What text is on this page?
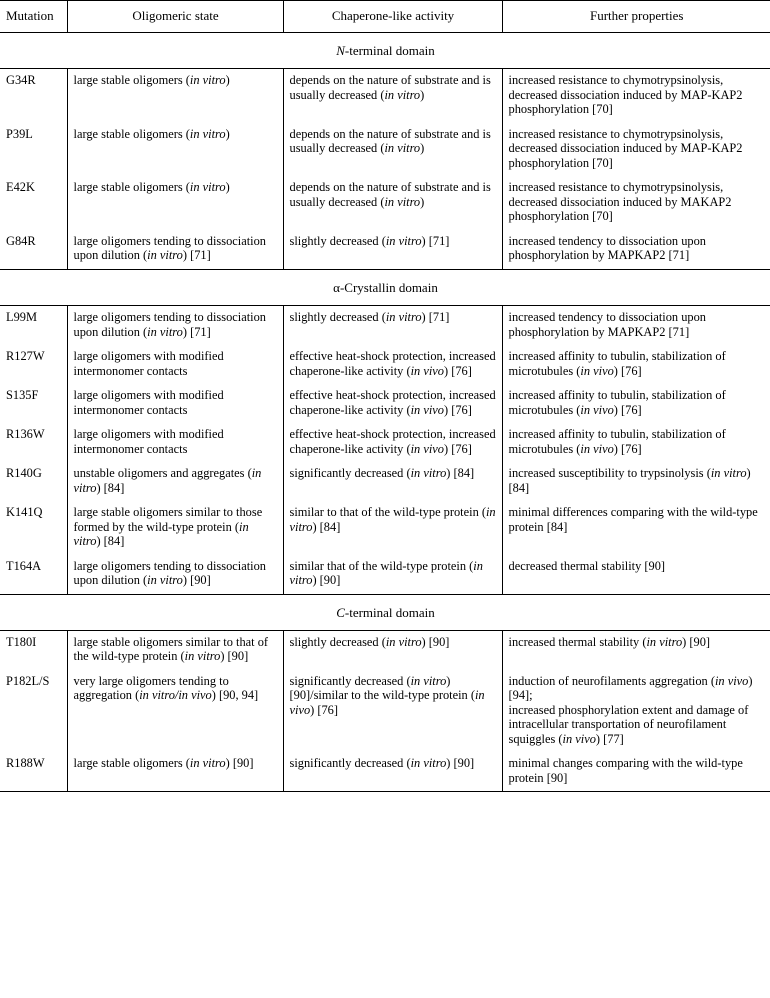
Mutation	Oligomeric state	Chaperone-like activity	Further properties
N-terminal domain			
G34R	large stable oligomers (in vitro)	depends on the nature of substrate and is usually decreased (in vitro)	increased resistance to chymotrypsinolysis, decreased dissociation induced by MAP-KAP2 phosphorylation [70]
P39L	large stable oligomers (in vitro)	depends on the nature of substrate and is usually decreased (in vitro)	increased resistance to chymotrypsinolysis, decreased dissociation induced by MAP-KAP2 phosphorylation [70]
E42K	large stable oligomers (in vitro)	depends on the nature of substrate and is usually decreased (in vitro)	increased resistance to chymotrypsinolysis, decreased dissociation induced by MAKAP2 phosphorylation [70]
G84R	large oligomers tending to dissociation upon dilution (in vitro) [71]	slightly decreased (in vitro) [71]	increased tendency to dissociation upon phosphorylation by MAPKAP2 [71]
α-Crystallin domain			
L99M	large oligomers tending to dissociation upon dilution (in vitro) [71]	slightly decreased (in vitro) [71]	increased tendency to dissociation upon phosphorylation by MAPKAP2 [71]
R127W	large oligomers with modified intermonomer contacts	effective heat-shock protection, increased chaperone-like activity (in vivo) [76]	increased affinity to tubulin, stabilization of microtubules (in vivo) [76]
S135F	large oligomers with modified intermonomer contacts	effective heat-shock protection, increased chaperone-like activity (in vivo) [76]	increased affinity to tubulin, stabilization of microtubules (in vivo) [76]
R136W	large oligomers with modified intermonomer contacts	effective heat-shock protection, increased chaperone-like activity (in vivo) [76]	increased affinity to tubulin, stabilization of microtubules (in vivo) [76]
R140G	unstable oligomers and aggregates (in vitro) [84]	significantly decreased (in vitro) [84]	increased susceptibility to trypsinolysis (in vitro) [84]
K141Q	large stable oligomers similar to those formed by the wild-type protein (in vitro) [84]	similar to that of the wild-type protein (in vitro) [84]	minimal differences comparing with the wild-type protein [84]
T164A	large oligomers tending to dissociation upon dilution (in vitro) [90]	similar that of the wild-type protein (in vitro) [90]	decreased thermal stability [90]
C-terminal domain			
T180I	large stable oligomers similar to that of the wild-type protein (in vitro) [90]	slightly decreased (in vitro) [90]	increased thermal stability (in vitro) [90]
P182L/S	very large oligomers tending to aggregation (in vitro/in vivo) [90, 94]	significantly decreased (in vitro) [90]/similar to the wild-type protein (in vivo) [76]	induction of neurofilaments aggregation (in vivo) [94];
increased phosphorylation extent and damage of intracellular transportation of neurofilament squiggles (in vivo) [77]

R188W	large stable oligomers (in vitro) [90]	significantly decreased (in vitro) [90]	minimal changes comparing with the wild-type protein [90]
